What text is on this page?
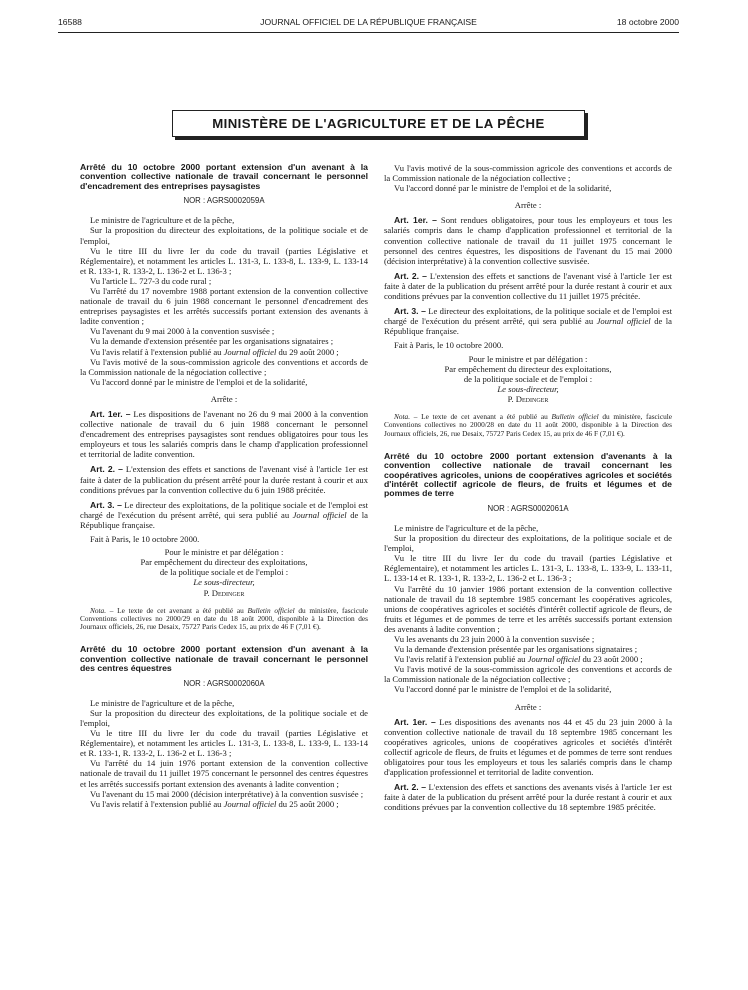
16588	JOURNAL OFFICIEL DE LA RÉPUBLIQUE FRANÇAISE	18 octobre 2000
MINISTÈRE DE L'AGRICULTURE ET DE LA PÊCHE

Arrêté du 10 octobre 2000 portant extension d'un avenant à la convention collective nationale de travail concernant le personnel d'encadrement des entreprises paysagistes

NOR : AGRS0002059A

Le ministre de l'agriculture et de la pêche,

Sur la proposition du directeur des exploitations, de la politique sociale et de l'emploi,

Vu le titre III du livre Ier du code du travail (parties Législative et Réglementaire), et notamment les articles L. 131-3, L. 133-8, L. 133-9, L. 133-14 et R. 133-1, R. 133-2, L. 136-2 et L. 136-3 ;

Vu l'article L. 727-3 du code rural ;

Vu l'arrêté du 17 novembre 1988 portant extension de la convention collective nationale de travail du 6 juin 1988 concernant le personnel d'encadrement des entreprises paysagistes et les arrêtés successifs portant extension des avenants à ladite convention ;

Vu l'avenant du 9 mai 2000 à la convention susvisée ;

Vu la demande d'extension présentée par les organisations signataires ;

Vu l'avis relatif à l'extension publié au Journal officiel du 29 août 2000 ;

Vu l'avis motivé de la sous-commission agricole des conventions et accords de la Commission nationale de la négociation collective ;

Vu l'accord donné par le ministre de l'emploi et de la solidarité,

Arrête :

Art. 1er. – Les dispositions de l'avenant no 26 du 9 mai 2000 à la convention collective nationale de travail du 6 juin 1988 concernant le personnel d'encadrement des entreprises paysagistes sont rendues obligatoires pour tous les employeurs et tous les salariés compris dans le champ d'application professionnel et territorial de ladite convention.

Art. 2. – L'extension des effets et sanctions de l'avenant visé à l'article 1er est faite à dater de la publication du présent arrêté pour la durée restant à courir et aux conditions prévues par la convention collective du 6 juin 1988 précitée.

Art. 3. – Le directeur des exploitations, de la politique sociale et de l'emploi est chargé de l'exécution du présent arrêté, qui sera publié au Journal officiel de la République française.

Fait à Paris, le 10 octobre 2000.

Pour le ministre et par délégation :

Par empêchement du directeur des exploitations,

de la politique sociale et de l'emploi :

Le sous-directeur,

P. Dedinger

Nota. – Le texte de cet avenant a été publié au Bulletin officiel du ministère, fascicule Conventions collectives no 2000/29 en date du 18 août 2000, disponible à la Direction des Journaux officiels, 26, rue Desaix, 75727 Paris Cedex 15, au prix de 46 F (7,01 €).

Arrêté du 10 octobre 2000 portant extension d'un avenant à la convention collective nationale de travail concernant le personnel des centres équestres

NOR : AGRS0002060A

Le ministre de l'agriculture et de la pêche,

Sur la proposition du directeur des exploitations, de la politique sociale et de l'emploi,

Vu le titre III du livre Ier du code du travail (parties Législative et Réglementaire), et notamment les articles L. 131-3, L. 133-8, L. 133-9, L. 133-14 et R. 133-1, R. 133-2, L. 136-2 et L. 136-3 ;

Vu l'arrêté du 14 juin 1976 portant extension de la convention collective nationale de travail du 11 juillet 1975 concernant le personnel des centres équestres et les arrêtés successifs portant extension des avenants à ladite convention ;

Vu l'avenant du 15 mai 2000 (décision interprétative) à la convention susvisée ;

Vu l'avis relatif à l'extension publié au Journal officiel du 25 août 2000 ;

Vu l'avis motivé de la sous-commission agricole des conventions et accords de la Commission nationale de la négociation collective ;

Vu l'accord donné par le ministre de l'emploi et de la solidarité,

Arrête :

Art. 1er. – Sont rendues obligatoires, pour tous les employeurs et tous les salariés compris dans le champ d'application professionnel et territorial de la convention collective nationale de travail du 11 juillet 1975 concernant le personnel des centres équestres, les dispositions de l'avenant du 15 mai 2000 (décision interprétative) à la convention collective susvisée.

Art. 2. – L'extension des effets et sanctions de l'avenant visé à l'article 1er est faite à dater de la publication du présent arrêté pour la durée restant à courir et aux conditions prévues par la convention collective du 11 juillet 1975 précitée.

Art. 3. – Le directeur des exploitations, de la politique sociale et de l'emploi est chargé de l'exécution du présent arrêté, qui sera publié au Journal officiel de la République française.

Fait à Paris, le 10 octobre 2000.

Pour le ministre et par délégation :

Par empêchement du directeur des exploitations,

de la politique sociale et de l'emploi :

Le sous-directeur,

P. Dedinger

Nota. – Le texte de cet avenant a été publié au Bulletin officiel du ministère, fascicule Conventions collectives no 2000/28 en date du 11 août 2000, disponible à la Direction des Journaux officiels, 26, rue Desaix, 75727 Paris Cedex 15, au prix de 46 F (7,01 €).

Arrêté du 10 octobre 2000 portant extension d'avenants à la convention collective nationale de travail concernant les coopératives agricoles, unions de coopératives agricoles et sociétés d'intérêt collectif agricole de fleurs, de fruits et légumes et de pommes de terre

NOR : AGRS0002061A

Le ministre de l'agriculture et de la pêche,

Sur la proposition du directeur des exploitations, de la politique sociale et de l'emploi,

Vu le titre III du livre Ier du code du travail (parties Législative et Réglementaire), et notamment les articles L. 131-3, L. 133-8, L. 133-9, L. 133-11, L. 133-14 et R. 133-1, R. 133-2, L. 136-2 et L. 136-3 ;

Vu l'arrêté du 10 janvier 1986 portant extension de la convention collective nationale de travail du 18 septembre 1985 concernant les coopératives agricoles, unions de coopératives agricoles et sociétés d'intérêt collectif agricole de fleurs, de fruits et légumes et de pommes de terre et les arrêtés successifs portant extension des avenants à ladite convention ;

Vu les avenants du 23 juin 2000 à la convention susvisée ;

Vu la demande d'extension présentée par les organisations signataires ;

Vu l'avis relatif à l'extension publié au Journal officiel du 23 août 2000 ;

Vu l'avis motivé de la sous-commission agricole des conventions et accords de la Commission nationale de la négociation collective ;

Vu l'accord donné par le ministre de l'emploi et de la solidarité,

Arrête :

Art. 1er. – Les dispositions des avenants nos 44 et 45 du 23 juin 2000 à la convention collective nationale de travail du 18 septembre 1985 concernant les coopératives agricoles, unions de coopératives agricoles et sociétés d'intérêt collectif agricole de fleurs, de fruits et légumes et de pommes de terre sont rendues obligatoires pour tous les employeurs et tous les salariés compris dans le champ d'application professionnel et territorial de ladite convention.

Art. 2. – L'extension des effets et sanctions des avenants visés à l'article 1er est faite à dater de la publication du présent arrêté pour la durée restant à courir et aux conditions prévues par la convention collective du 18 septembre 1985 précitée.
